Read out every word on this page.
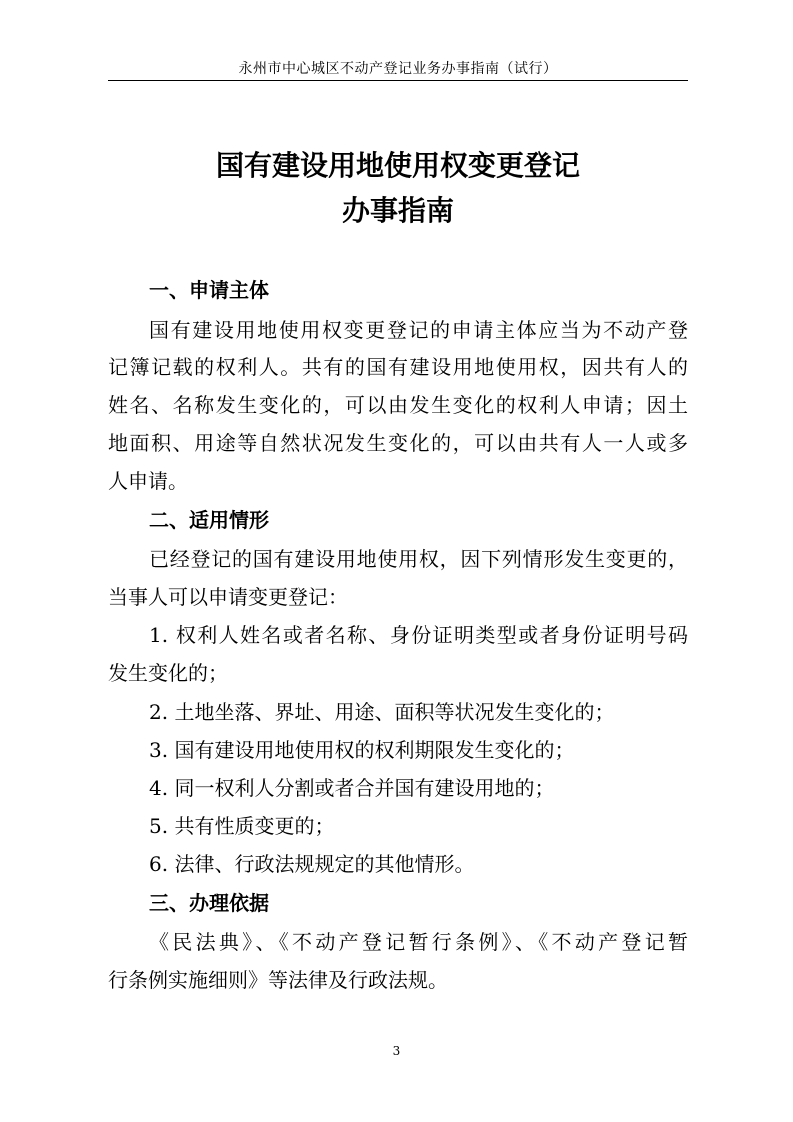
永州市中心城区不动产登记业务办事指南（试行）
国有建设用地使用权变更登记
办事指南
一、申请主体
国有建设用地使用权变更登记的申请主体应当为不动产登
记簿记载的权利人。共有的国有建设用地使用权，因共有人的
姓名、名称发生变化的，可以由发生变化的权利人申请；因土
地面积、用途等自然状况发生变化的，可以由共有人一人或多
人申请。
二、适用情形
已经登记的国有建设用地使用权，因下列情形发生变更的，
当事人可以申请变更登记：
1. 权利人姓名或者名称、身份证明类型或者身份证明号码
发生变化的；
2. 土地坐落、界址、用途、面积等状况发生变化的；
3. 国有建设用地使用权的权利期限发生变化的；
4. 同一权利人分割或者合并国有建设用地的；
5. 共有性质变更的；
6. 法律、行政法规规定的其他情形。
三、办理依据
《民法典》、《不动产登记暂行条例》、《不动产登记暂
行条例实施细则》等法律及行政法规。
3
